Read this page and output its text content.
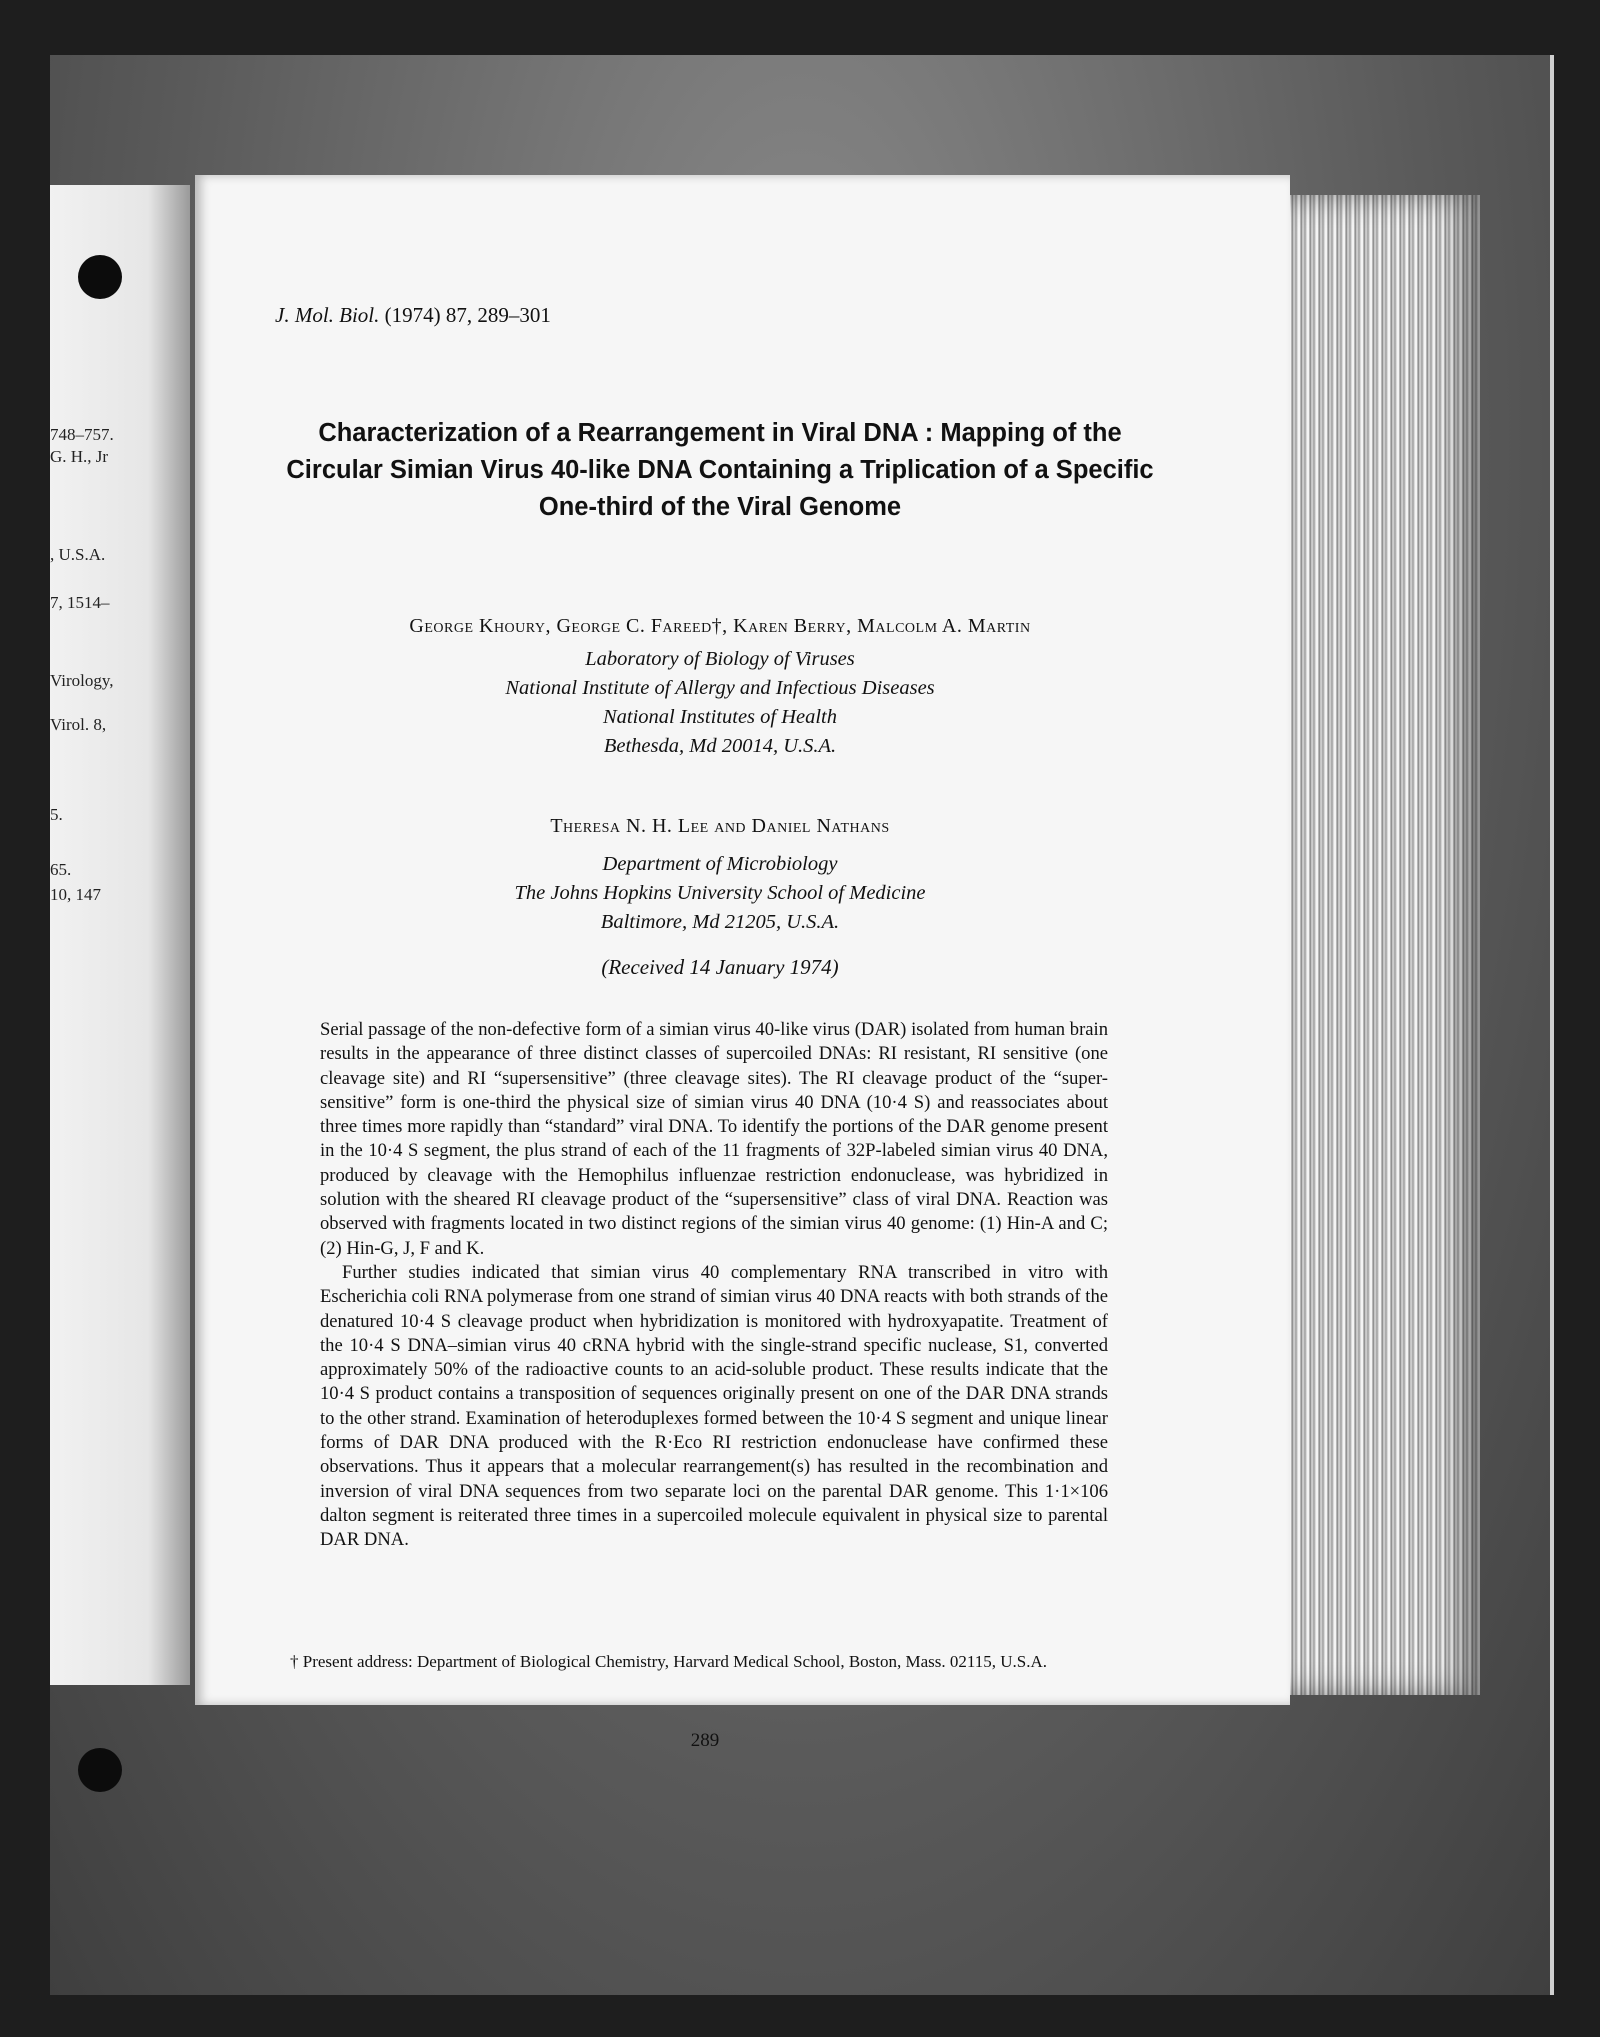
748–757.
G. H., Jr
, U.S.A.
7, 1514–
Virology,
Virol. 8,
5.
65.
10, 147
J. Mol. Biol. (1974) 87, 289–301
Characterization of a Rearrangement in Viral DNA : Mapping of the Circular Simian Virus 40-like DNA Containing a Triplication of a Specific One-third of the Viral Genome
George Khoury, George C. Fareed†, Karen Berry, Malcolm A. Martin
Laboratory of Biology of Viruses
National Institute of Allergy and Infectious Diseases
National Institutes of Health
Bethesda, Md 20014, U.S.A.
Theresa N. H. Lee and Daniel Nathans
Department of Microbiology
The Johns Hopkins University School of Medicine
Baltimore, Md 21205, U.S.A.
(Received 14 January 1974)

Serial passage of the non-defective form of a simian virus 40-like virus (DAR) isolated from human brain results in the appearance of three distinct classes of supercoiled DNAs: RI resistant, RI sensitive (one cleavage site) and RI “supersensitive” (three cleavage sites). The RI cleavage product of the “super-sensitive” form is one-third the physical size of simian virus 40 DNA (10·4 S) and reassociates about three times more rapidly than “standard” viral DNA. To identify the portions of the DAR genome present in the 10·4 S segment, the plus strand of each of the 11 fragments of 32P-labeled simian virus 40 DNA, produced by cleavage with the Hemophilus influenzae restriction endonuclease, was hybridized in solution with the sheared RI cleavage product of the “supersensitive” class of viral DNA. Reaction was observed with fragments located in two distinct regions of the simian virus 40 genome: (1) Hin-A and C; (2) Hin-G, J, F and K.

Further studies indicated that simian virus 40 complementary RNA transcribed in vitro with Escherichia coli RNA polymerase from one strand of simian virus 40 DNA reacts with both strands of the denatured 10·4 S cleavage product when hybridization is monitored with hydroxyapatite. Treatment of the 10·4 S DNA–simian virus 40 cRNA hybrid with the single-strand specific nuclease, S1, converted approximately 50% of the radioactive counts to an acid-soluble product. These results indicate that the 10·4 S product contains a transposition of sequences originally present on one of the DAR DNA strands to the other strand. Examination of heteroduplexes formed between the 10·4 S segment and unique linear forms of DAR DNA produced with the R·Eco RI restriction endonuclease have confirmed these observations. Thus it appears that a molecular rearrangement(s) has resulted in the recombination and inversion of viral DNA sequences from two separate loci on the parental DAR genome. This 1·1×106 dalton segment is reiterated three times in a supercoiled molecule equivalent in physical size to parental DAR DNA.

† Present address: Department of Biological Chemistry, Harvard Medical School, Boston, Mass. 02115, U.S.A.
289
